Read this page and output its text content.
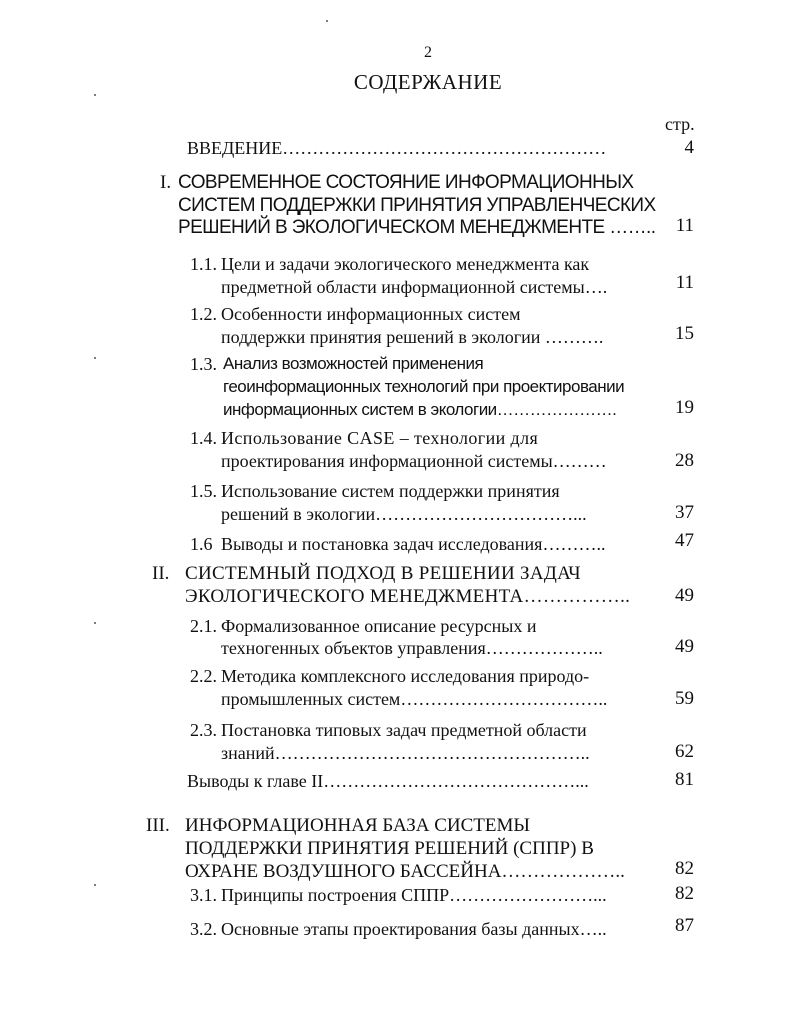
2
СОДЕРЖАНИЕ
стр.
ВВЕДЕНИЕ………………………………………………	4
I. СОВРЕМЕННОЕ СОСТОЯНИЕ ИНФОРМАЦИОННЫХ
СИСТЕМ ПОДДЕРЖКИ ПРИНЯТИЯ УПРАВЛЕНЧЕСКИХ
РЕШЕНИЙ В ЭКОЛОГИЧЕСКОМ МЕНЕДЖМЕНТЕ ……..	11
1.1. Цели и задачи экологического менеджмента как
предметной области информационной системы….	11
1.2. Особенности информационных систем
поддержки принятия решений в экологии ……….	15
1.3. Анализ возможностей применения
геоинформационных технологий при проектировании
информационных систем в экологии………………….	19
1.4. Использование CASE – технологии для
проектирования информационной системы………	28
1.5. Использование систем поддержки принятия
решений в экологии……………………………...	37
1.6 Выводы и постановка задач исследования………..	47
II. СИСТЕМНЫЙ ПОДХОД В РЕШЕНИИ ЗАДАЧ
ЭКОЛОГИЧЕСКОГО МЕНЕДЖМЕНТА……………..	49
2.1. Формализованное описание ресурсных и
техногенных объектов управления………………..	49
2.2. Методика комплексного исследования природо-
промышленных систем……………………………..	59
2.3. Постановка типовых задач предметной области
знаний……………………………………………..	62
Выводы к главе II……………………………………...	81
III. ИНФОРМАЦИОННАЯ БАЗА СИСТЕМЫ
ПОДДЕРЖКИ ПРИНЯТИЯ РЕШЕНИЙ (СППР) В
ОХРАНЕ ВОЗДУШНОГО БАССЕЙНА………………..	82
3.1. Принципы построения СППР……………………...	82
3.2. Основные этапы проектирования базы данных…..	87
